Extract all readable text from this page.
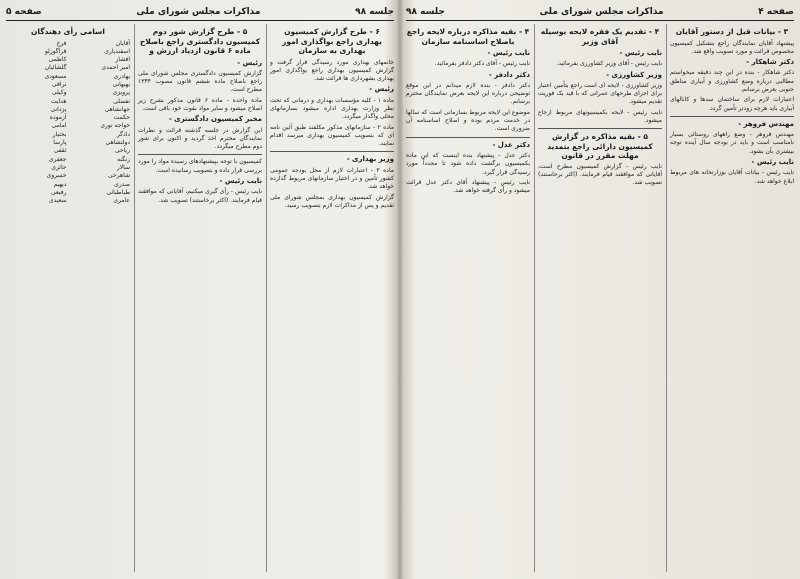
صفحه ۵	مذاکرات مجلس شورای ملی	جلسه ۹۸
۶ - طرح گزارش کمیسیون بهداری راجع بواگذاری امور بهداری به سازمان

خانمهای بهداری مورد رسیدگی قرار گرفت و گزارش کمیسیون بهداری راجع بواگذاری امور بهداری بشهرداری ها قرائت شد.

رئیس -

ماده ۱ - کلیه مؤسسات بهداری و درمانی که تحت نظر وزارت بهداری اداره میشود بسازمانهای محلی واگذار میگردد.

ماده ۲ - سازمانهای مذکور مکلفند طبق آئین نامه ای که بتصویب کمیسیون بهداری میرسد اقدام نمایند.

وزیر بهداری -

ماده ۳ - اعتبارات لازم از محل بودجه عمومی کشور تأمین و در اختیار سازمانهای مربوط گذارده خواهد شد.

گزارش کمیسیون بهداری بمجلس شورای ملی تقدیم و پس از مذاکرات لازم بتصویب رسید.

۵ - طرح گزارش شور دوم کمیسیون دادگستری راجع باصلاح ماده ۶ قانون ازدیاد ارزش و

رئیس -

گزارش کمیسیون دادگستری مجلس شورای ملی راجع باصلاح ماده ششم قانون مصوب ۱۳۴۴ مطرح است.

ماده واحده - ماده ۶ قانون مذکور بشرح زیر اصلاح میشود و سایر مواد بقوت خود باقی است.

مخبر کمیسیون دادگستری -

این گزارش در جلسه گذشته قرائت و نظرات نمایندگان محترم اخذ گردید و اکنون برای شور دوم مطرح میگردد.

کمیسیون با توجه بپیشنهادهای رسیده مواد را مورد بررسی قرار داده و بتصویب رسانیده است.

نایب رئیس -

نایب رئیس - رأی گیری میکنیم، آقایانی که موافقند قیام فرمایند. (اکثر برخاستند) تصویب شد.

اسامی رأی دهندگان
آقایان
اسفندیاری
افشار
امیر احمدی
بهادری
بهبهانی
پرویزی
تفضلی
جهانشاهی
حکمت
خواجه نوری
دادگر
دولتشاهی
ریاحی
زنگنه
سالار
شاهرخی
صدری
طباطبائی
عامری
فرخ
قراگوزلو
کاظمی
گلشائیان
مسعودی
نراقی
وکیلی
هدایت
یزدانی
آزموده
امامی
بختیار
پارسا
ثقفی
جعفری
حائری
خسروی
دیهیم
رفیعی
سعیدی
جلسه ۹۸	مذاکرات مجلس شورای ملی	صفحه ۴
۳ - بیانات قبل از دستور آقایان

پیشنهاد آقایان نمایندگان راجع بتشکیل کمیسیون مخصوص قرائت و مورد تصویب واقع شد.

دکتر شاهکار -

دکتر شاهکار - بنده در این چند دقیقه میخواستم مطالبی درباره وضع کشاورزی و آبیاری مناطق جنوبی بعرض برسانم.

اعتبارات لازم برای ساختمان سدها و کانالهای آبیاری باید هرچه زودتر تأمین گردد.

مهندس فروهر -

مهندس فروهر - وضع راههای روستائی بسیار نامناسب است و باید در بودجه سال آینده توجه بیشتری بآن بشود.

نایب رئیس -

نایب رئیس - بیانات آقایان بوزارتخانه های مربوط ابلاغ خواهد شد.

۴ - تقدیم یک فقره لایحه بوسیله آقای وزیر

نایب رئیس -

نایب رئیس - آقای وزیر کشاورزی بفرمائید.

وزیر کشاورزی -

وزیر کشاورزی - لایحه ای است راجع بتأمین اعتبار برای اجرای طرحهای عمرانی که با قید یک فوریت تقدیم میشود.

نایب رئیس - لایحه بکمیسیونهای مربوط ارجاع میشود.

۵ - بقیه مذاکره در گزارش کمیسیون دارائی راجع بتمدید مهلت مقرر در قانون

نایب رئیس - گزارش کمیسیون مطرح است، آقایانی که موافقند قیام فرمایند. (اکثر برخاستند) تصویب شد.

۴ - بقیه مذاکره درباره لایحه راجع باصلاح اساسنامه سازمان

نایب رئیس -

نایب رئیس - آقای دکتر دادفر بفرمائید.

دکتر دادفر -

دکتر دادفر - بنده لازم میدانم در این موقع توضیحی درباره این لایحه بعرض نمایندگان محترم برسانم.

موضوع این لایحه مربوط بسازمانی است که سالها در خدمت مردم بوده و اصلاح اساسنامه آن ضروری است.

دکتر عدل -

دکتر عدل - پیشنهاد بنده اینست که این ماده بکمیسیون برگشت داده شود تا مجدداً مورد رسیدگی قرار گیرد.

نایب رئیس - پیشنهاد آقای دکتر عدل قرائت میشود و رأی گرفته خواهد شد.
